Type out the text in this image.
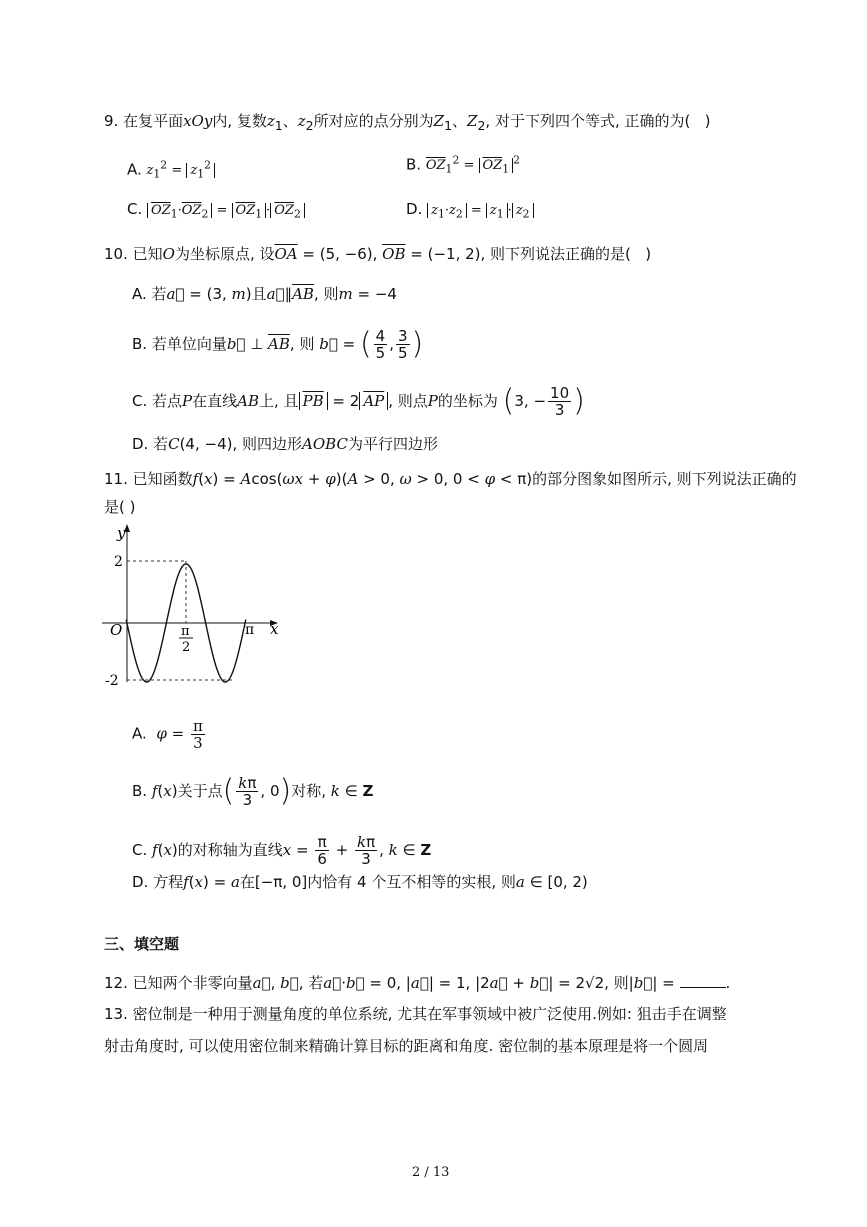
9. 在复平面xOy内, 复数$z_1$、$z_2$所对应的点分别为$Z_1$、$Z_2$, 对于下列四个等式, 正确的为(   )
A. $z_1^2 = z_1^2$	B. $\overline{OZ}_1^2 = \overline{OZ}_1^2$
C. $\overline{OZ}_1\cdot\overline{OZ}_2 = \overline{OZ}_1 \cdot \overline{OZ}_2$	D. $z_1\cdot z_2 = z_1 \cdot z_2$
10. 已知O为坐标原点, 设$\overline{OA} = (5$, −6), $\overline{OB} = (-1$, 2), 则下列说法正确的是(   )
A. 若a⃗ = (3, m)且$a⃗\parallel\overline{AB}$, 则m = −4
B. 若单位向量b⃗ ⊥ $\overline{AB}$, 则 b⃗ = ( $\frac{4}{5}$ , $\frac{3}{5}$ )
C. 若点P在直线AB上, 且 $\overline{PB} = 2$ $\overline{AP}$ , 则点P的坐标为 (3, − $\frac{10}{3}$ )
D. 若C(4, −4), 则四边形AOBC为平行四边形
11. 已知函数f(x) = Acos(ωx + φ)(A > 0, ω > 0, 0 < φ < π)的部分图象如图所示, 则下列说法正确的
是( )
y
x
O
2
-2
π
2
π
A. $\varphi = \frac{\pi}{3}$
B. f(x)关于点( $\frac{k\pi}{3}$ , 0)对称, k ∈ Z
C. f(x)的对称轴为直线$x = \frac{\pi}{6} + \frac{k\pi}{3}$ , k ∈ Z
D. 方程f(x) = a在[−π, 0]内恰有 4 个互不相等的实根, 则a ∈ [0, 2)
三、填空题
12. 已知两个非零向量a⃗, b⃗, 若a⃗·b⃗ = 0, |a⃗| = 1, |2a⃗ + b⃗| = 2√2, 则|b⃗| =	.
13. 密位制是一种用于测量角度的单位系统, 尤其在军事领域中被广泛使用.例如: 狙击手在调整
射击角度时, 可以使用密位制来精确计算目标的距离和角度. 密位制的基本原理是将一个圆周
2 / 13
